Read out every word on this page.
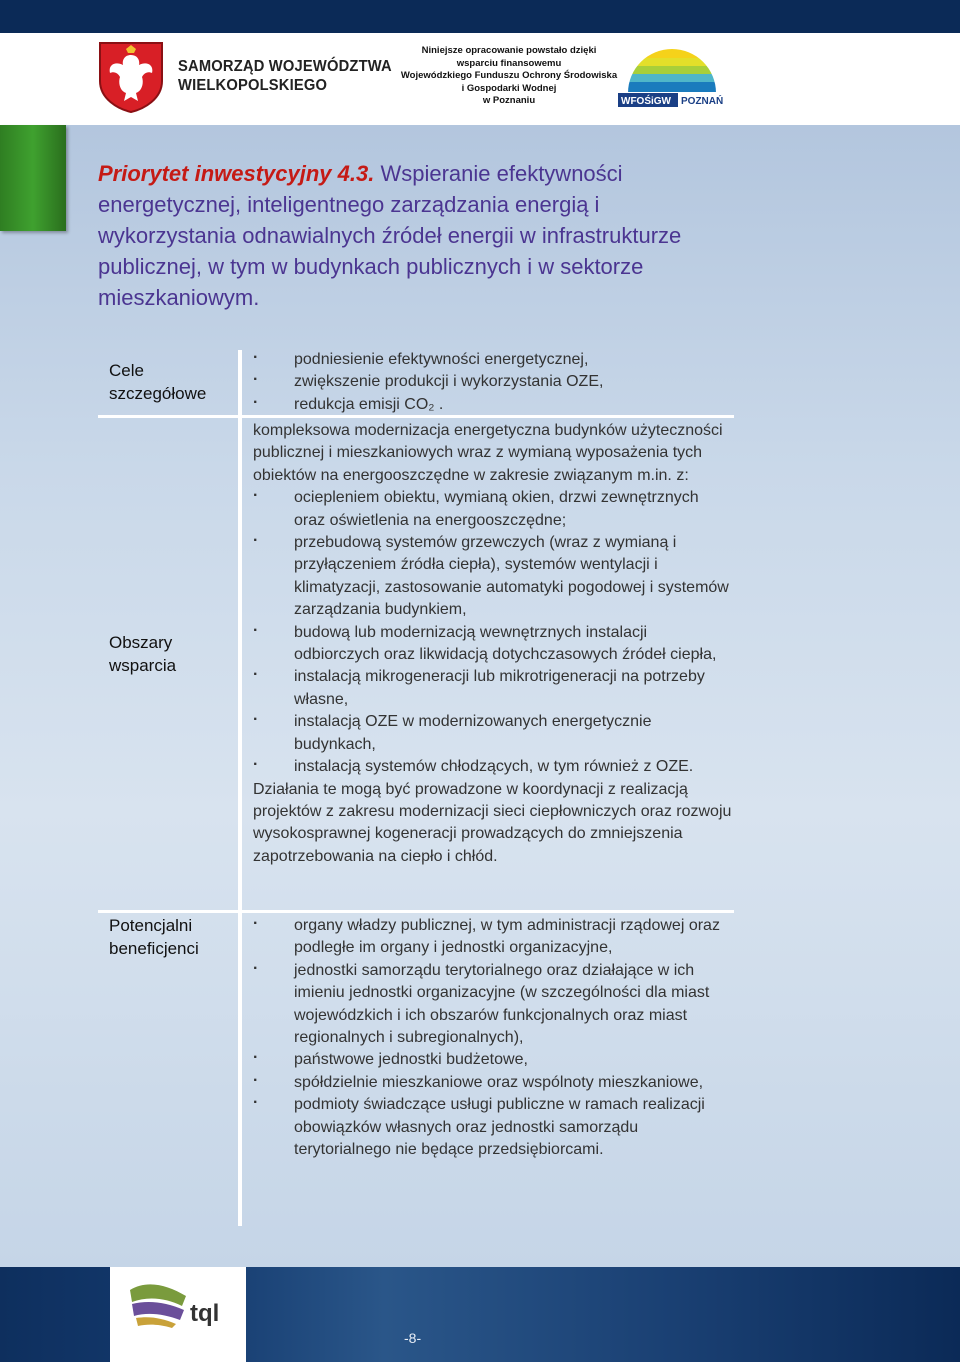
SAMORZĄD WOJEWÓDZTWA
WIELKOPOLSKIEGO
Niniejsze opracowanie powstało dzięki
wsparciu finansowemu
Wojewódzkiego Funduszu Ochrony Środowiska
i Gospodarki Wodnej
w Poznaniu	WFOŚiGW POZNAŃ
Priorytet inwestycyjny 4.3. Wspieranie efektywności energetycznej, inteligentnego zarządzania energią i wykorzystania odnawialnych źródeł energii w infrastrukturze publicznej, w tym w budynkach publicznych i w sektorze mieszkaniowym.
Cele szczegółowe
Obszary wsparcia
Potencjalni beneficjenci
· podniesienie efektywności energetycznej,
· zwiększenie produkcji i wykorzystania OZE,
· redukcja emisji CO₂ .
kompleksowa modernizacja energetyczna budynków użyteczności publicznej i mieszkaniowych wraz z wymianą wyposażenia tych obiektów na energooszczędne w zakresie związanym m.in. z:
· ociepleniem obiektu, wymianą okien, drzwi zewnętrznych oraz oświetlenia na energooszczędne;
· przebudową systemów grzewczych (wraz z wymianą i przyłączeniem źródła ciepła), systemów wentylacji i klimatyzacji, zastosowanie automatyki pogodowej i systemów zarządzania budynkiem,
· budową lub modernizacją wewnętrznych instalacji odbiorczych oraz likwidacją dotychczasowych źródeł ciepła,
· instalacją mikrogeneracji lub mikrotrigeneracji na potrzeby własne,
· instalacją OZE w modernizowanych energetycznie budynkach,
· instalacją systemów chłodzących, w tym również z OZE.
Działania te mogą być prowadzone w koordynacji z realizacją projektów z zakresu modernizacji sieci ciepłowniczych oraz rozwoju wysokosprawnej kogeneracji prowadzących do zmniejszenia zapotrzebowania na ciepło i chłód.
· organy władzy publicznej, w tym administracji rządowej oraz podległe im organy i jednostki organizacyjne,
· jednostki samorządu terytorialnego oraz działające w ich imieniu jednostki organizacyjne (w szczególności dla miast wojewódzkich i ich obszarów funkcjonalnych oraz miast regionalnych i subregionalnych),
· państwowe jednostki budżetowe,
· spółdzielnie mieszkaniowe oraz wspólnoty mieszkaniowe,
· podmioty świadczące usługi publiczne w ramach realizacji obowiązków własnych oraz jednostki samorządu terytorialnego nie będące przedsiębiorcami.
tql
-8-
